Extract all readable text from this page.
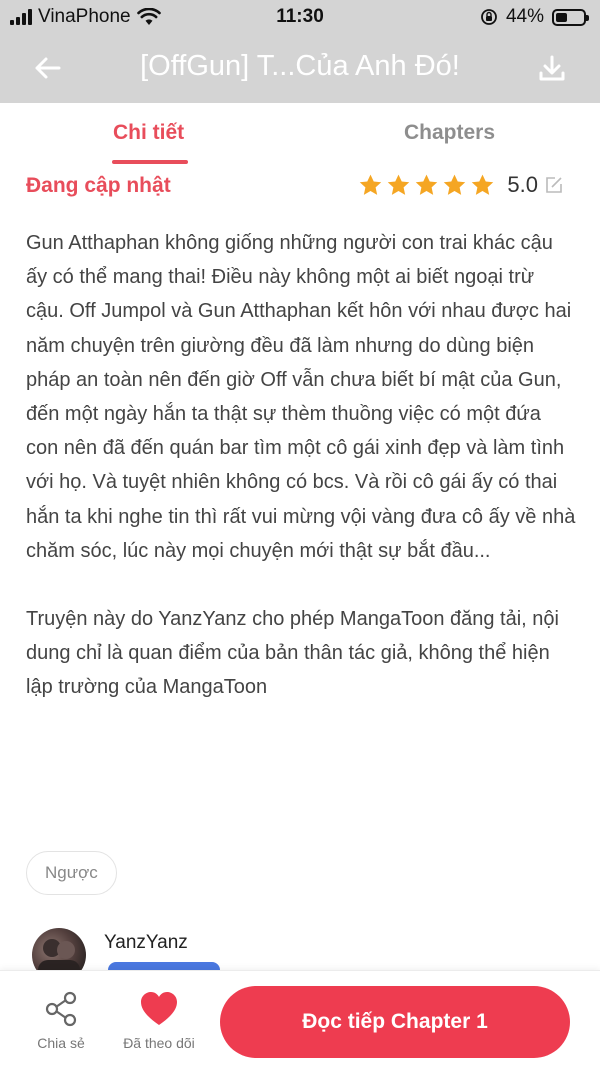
VinaPhone	11:30	44%
[OffGun] T...Của Anh Đó!
Chi tiết	Chapters
Đang cập nhật	5.0

Gun Atthaphan không giống những người con trai khác cậu ấy có thể mang thai! Điều này không một ai biết ngoại trừ cậu. Off Jumpol và Gun Atthaphan kết hôn với nhau được hai năm chuyện trên giường đều đã làm nhưng do dùng biện pháp an toàn nên đến giờ Off vẫn chưa biết bí mật của Gun, đến một ngày hắn ta thật sự thèm thuồng việc có một đứa con nên đã đến quán bar tìm một cô gái xinh đẹp và làm tình với họ. Và tuyệt nhiên không có bcs. Và rồi cô gái ấy có thai hắn ta khi nghe tin thì rất vui mừng vội vàng đưa cô ấy về nhà chăm sóc, lúc này mọi chuyện mới thật sự bắt đầu...

Truyện này do YanzYanz cho phép MangaToon đăng tải, nội dung chỉ là quan điểm của bản thân tác giả, không thể hiện lập trường của MangaToon

Ngược
YanzYanz
Chia sẻ	Đã theo dõi
Đọc tiếp Chapter 1
